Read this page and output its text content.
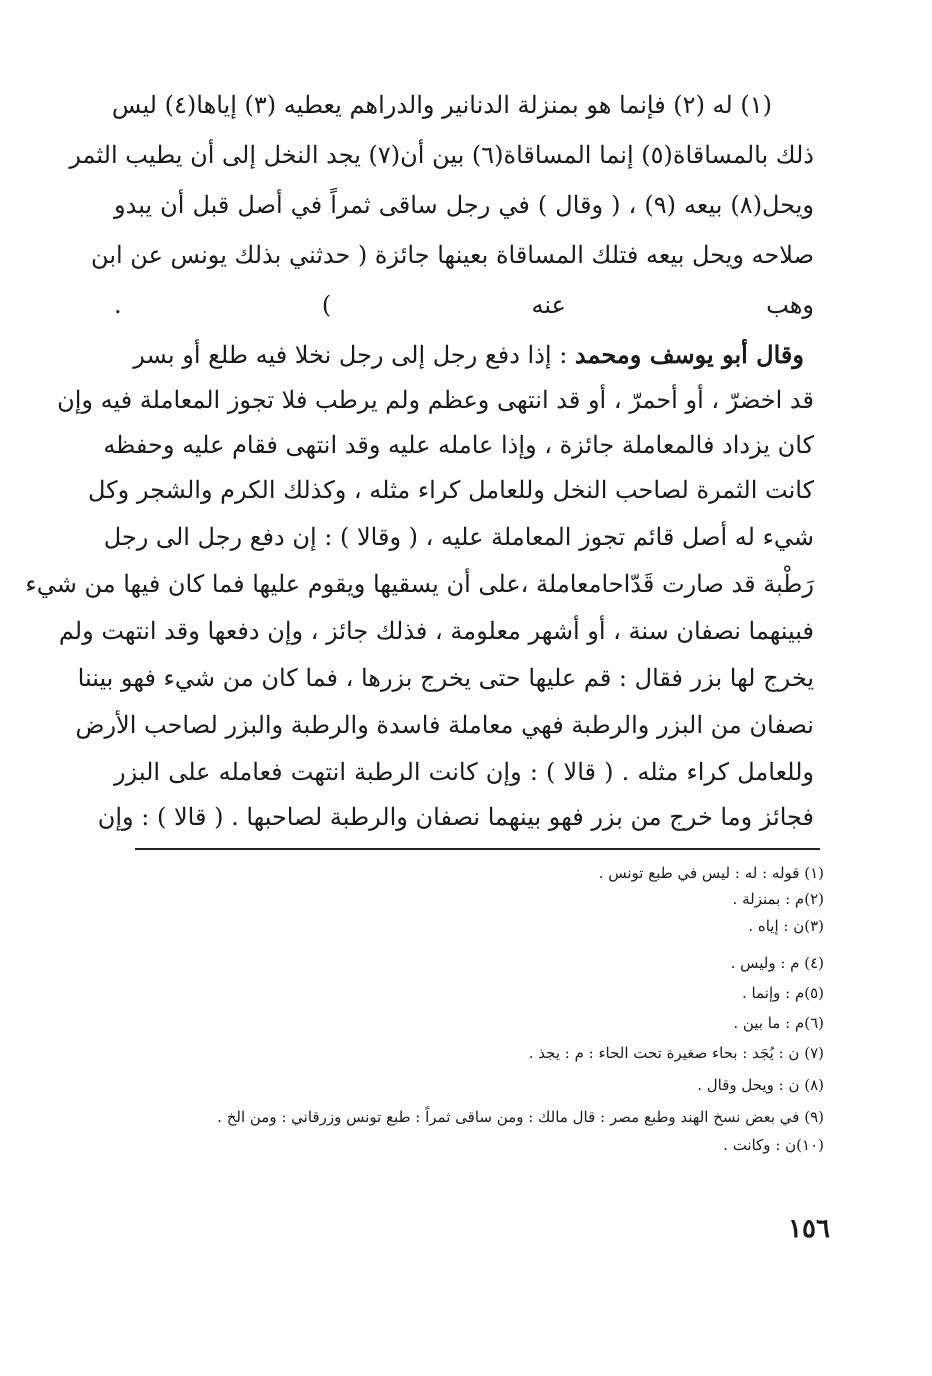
(١) له (٢) فإنما هو بمنزلة الدنانير والدراهم يعطيه (٣) إياها(٤) ليس
ذلك بالمساقاة(٥) إنما المساقاة(٦) بين أن(٧) يجد النخل إلى أن يطيب الثمر
ويحل(٨) بيعه (٩) ، ( وقال ) في رجل ساقى ثمراً في أصل قبل أن يبدو
صلاحه ويحل بيعه فتلك المساقاة بعينها جائزة ( حدثني بذلك يونس عن ابن
وهب عنه ) .
وقال أبو يوسف ومحمد : إذا دفع رجل إلى رجل نخلا فيه طلع أو بسر
قد اخضرّ ، أو أحمرّ ، أو قد انتهى وعظم ولم يرطب فلا تجوز المعاملة فيه وإن
كان يزداد فالمعاملة جائزة ، وإذا عامله عليه وقد انتهى فقام عليه وحفظه
كانت الثمرة لصاحب النخل وللعامل كراء مثله ، وكذلك الكرم والشجر وكل
شيء له أصل قائم تجوز المعاملة عليه ، ( وقالا ) : إن دفع رجل الى رجل
رَطْبة قد صارت قَدّاحامعاملة ،على أن يسقيها ويقوم عليها فما كان فيها من شيء
فبينهما نصفان سنة ، أو أشهر معلومة ، فذلك جائز ، وإن دفعها وقد انتهت ولم
يخرج لها بزر فقال : قم عليها حتى يخرج بزرها ، فما كان من شيء فهو بيننا
نصفان من البزر والرطبة فهي معاملة فاسدة والرطبة والبزر لصاحب الأرض
وللعامل كراء مثله . ( قالا ) : وإن كانت الرطبة انتهت فعامله على البزر
فجائز وما خرج من بزر فهو بينهما نصفان والرطبة لصاحبها . ( قالا ) : وإن
(١) قوله : له : ليس في طبع تونس .
(٢)م : بمنزلة .
(٣)ن : إياه .
(٤) م : وليس .
(٥)م : وإنما .
(٦)م : ما بين .
(٧) ن : يُجَد : بحاء صغيرة تحت الحاء : م : يجذ .
(٨) ن : ويحل وقال .
(٩) في بعض نسخ الهند وطبع مصر : قال مالك : ومن ساقى ثمراً : طبع تونس وزرقاني : ومن الخ .
(١٠)ن : وكانت .
١٥٦
